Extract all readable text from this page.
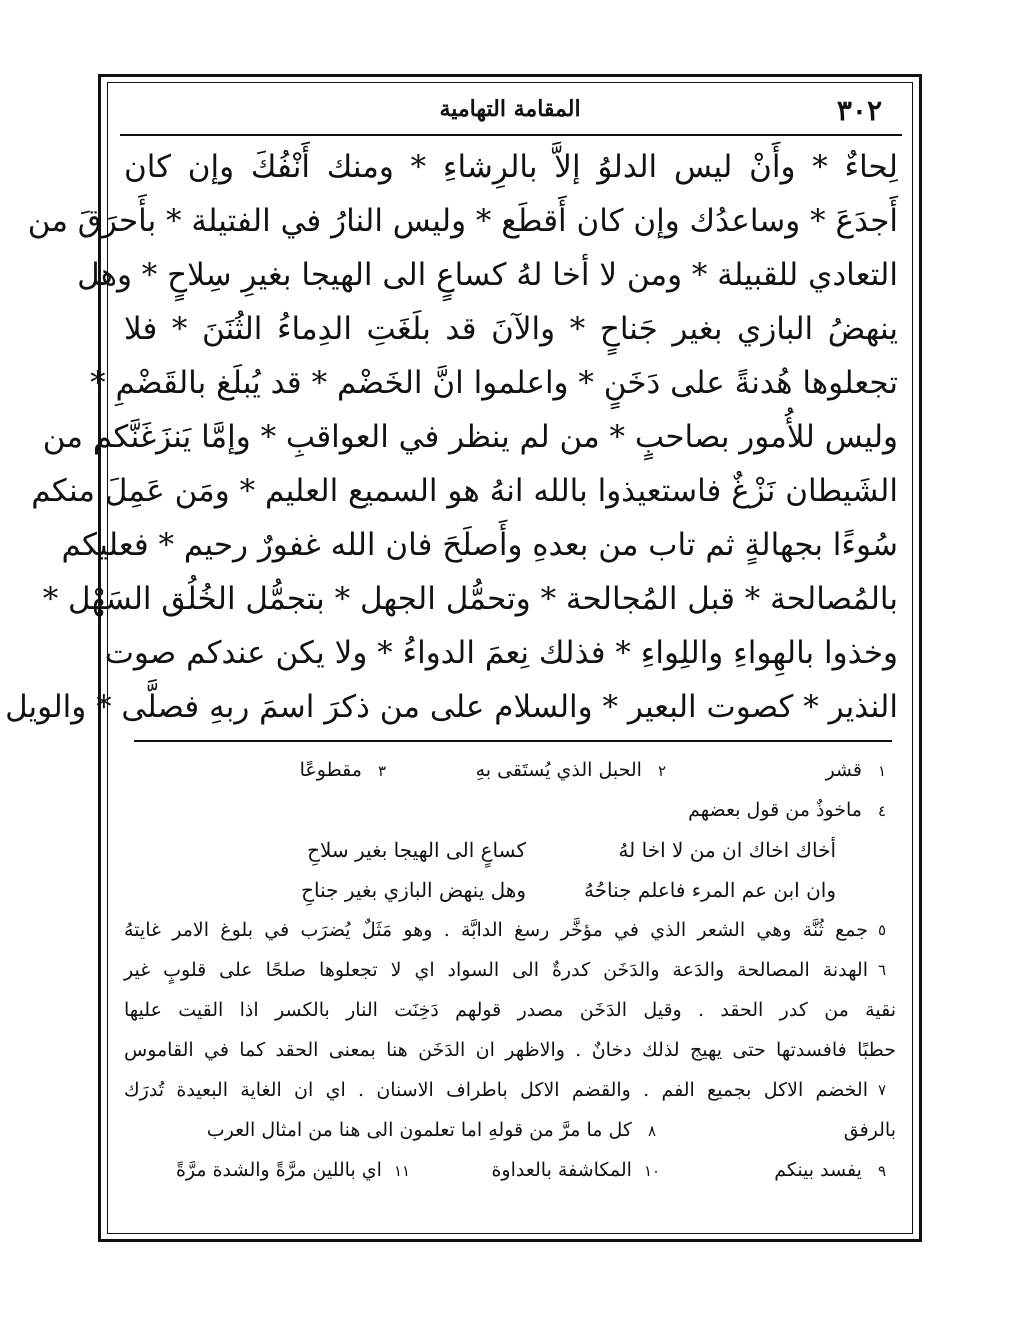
٣٠٢
المقامة التهامية
لِحاءٌ * وأَنْ ليس الدلوُ إلاَّ بالرِشاءِ * ومنك أَنْفُكَ وإن كان
أَجدَعَ * وساعدُك وإن كان أَقطَع * وليس النارُ في الفتيلة * بأَحرَقَ من
التعادي للقبيلة * ومن لا أخا لهُ كساعٍ الى الهيجا بغيرِ سِلاحٍ * وهل
ينهضُ البازي بغير جَناحٍ * والآنَ قد بلَغَتِ الدِماءُ الثُنَنَ * فلا
تجعلوها هُدنةً على دَخَنٍ * واعلموا انَّ الخَضْم * قد يُبلَغ بالقَضْمِ *
وليس للأُمور بصاحبٍ * من لم ينظر في العواقبِ * وإمَّا يَنزَغَنَّكم من
الشَيطان نَزْغٌ فاستعيذوا بالله انهُ هو السميع العليم * ومَن عَمِلَ منكم
سُوءًا بجهالةٍ ثم تاب من بعدهِ وأَصلَحَ فان الله غفورٌ رحيم * فعليكم
بالمُصالحة * قبل المُجالحة * وتحمُّل الجهل * بتجمُّل الخُلُق السَهْل *
وخذوا بالهِواءِ واللِواءِ * فذلك نِعمَ الدواءُ * ولا يكن عندكم صوت
النذير * كصوت البعير * والسلام على من ذكرَ اسمَ ربهِ فصلَّى * والويل
١ قشر
٢ الحبل الذي يُستَقى بهِ
٣ مقطوعًا
٤ ماخوذٌ من قول بعضهم
أخاك اخاك ان من لا اخا لهُ
كساعٍ الى الهيجا بغير سلاحِ
وان ابن عم المرء فاعلم جناحُهُ
وهل ينهض البازي بغير جناحِ
٥
جمع ثُنَّة وهي الشعر الذي في مؤخَّر رسغ الدابَّة . وهو مَثَلٌ يُضرَب في بلوغ الامر غايتهُ
٦
الهدنة المصالحة والدَعة والدَخَن كدرةٌ الى السواد اي لا تجعلوها صلحًا على قلوبٍ غير
نقية من كدر الحقد . وقيل الدَخَن مصدر قولهم دَخِنَت النار بالكسر اذا القيت عليها
حطبًا فافسدتها حتى يهيج لذلك دخانٌ . والاظهر ان الدَخَن هنا بمعنى الحقد كما في القاموس
٧
الخضم الاكل بجميع الفم . والقضم الاكل باطراف الاسنان . اي ان الغاية البعيدة تُدرَك
بالرفق
٨ كل ما مرَّ من قولهِ اما تعلمون الى هنا من امثال العرب
٩ يفسد بينكم
١٠ المكاشفة بالعداوة
١١ اي باللين مرَّةً والشدة مرَّةً
